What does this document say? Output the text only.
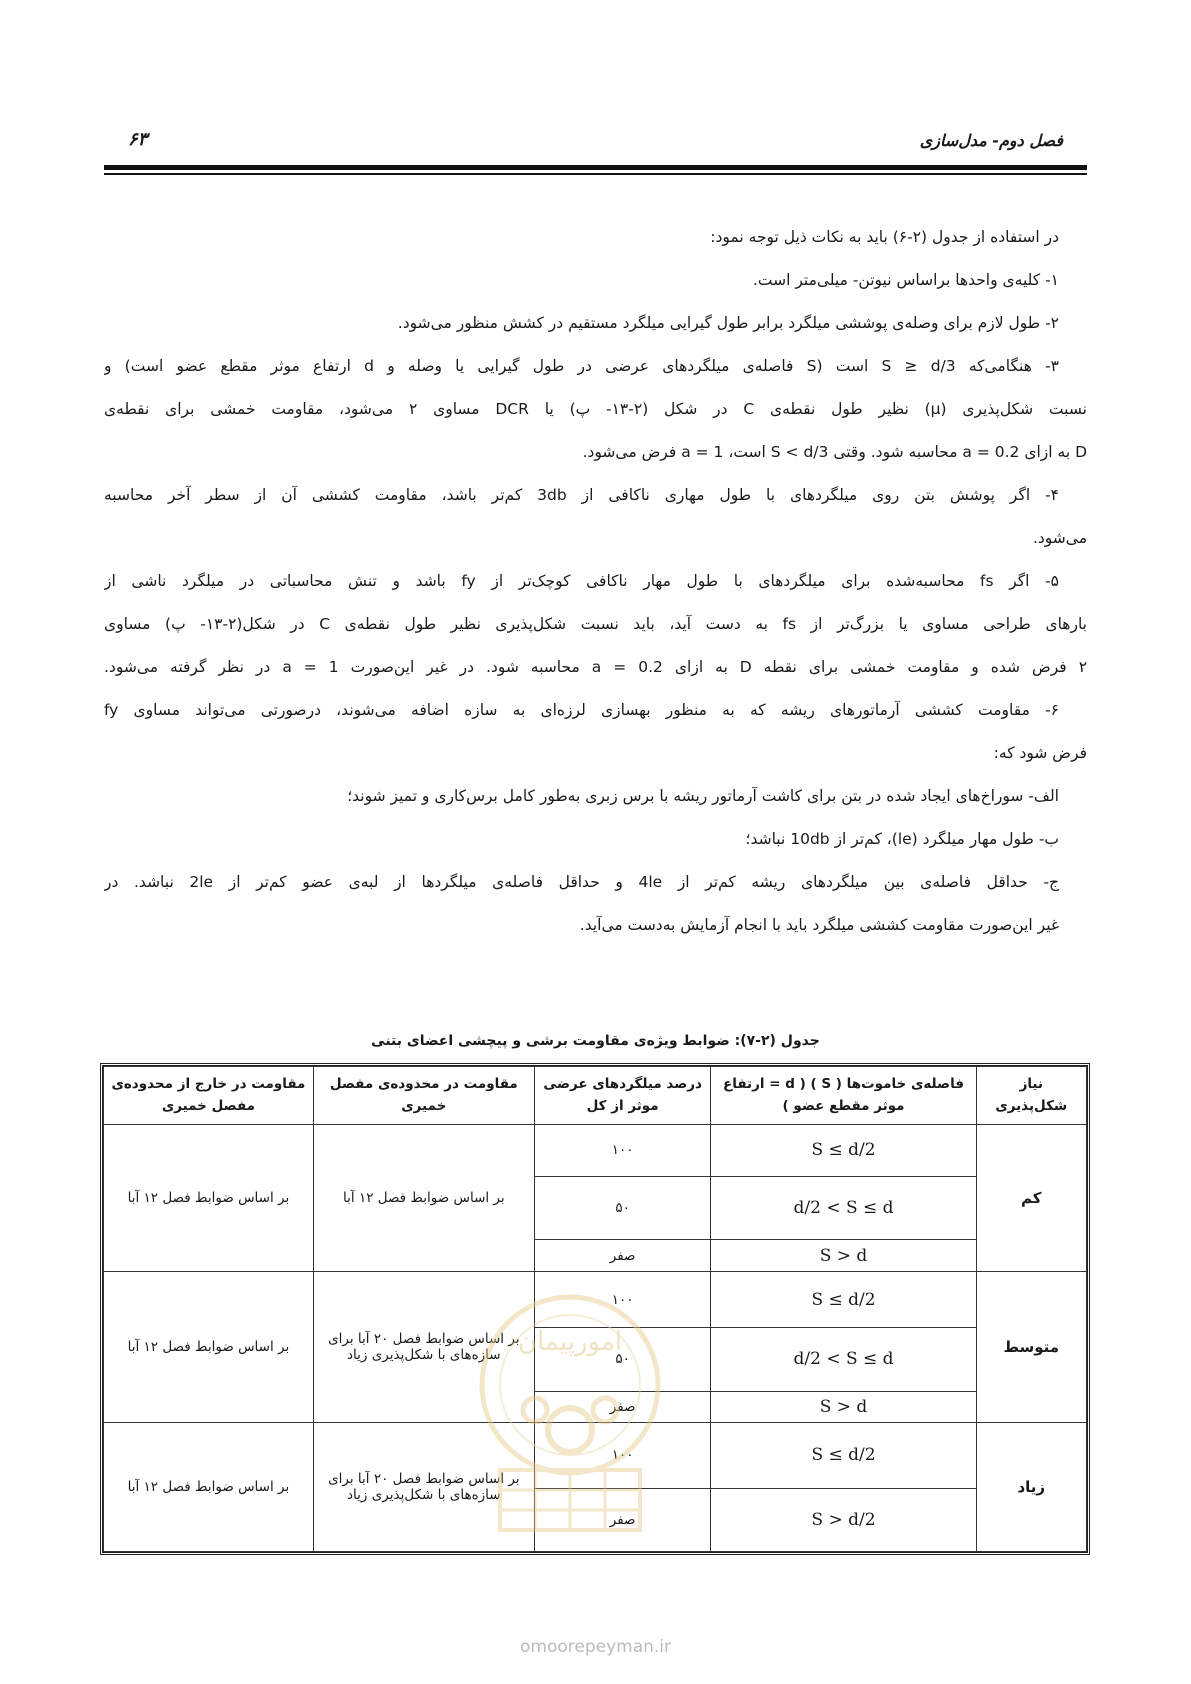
فصل دوم- مدل‌سازی
۶۳
در استفاده از جدول (۲-۶) باید به نکات ذیل توجه نمود:
۱- کلیه‌ی واحدها براساس نیوتن- میلی‌متر است.
۲- طول لازم برای وصله‌ی پوششی میلگرد برابر طول گیرایی میلگرد مستقیم در کشش منظور می‌شود.
۳- هنگامی‌که S ≥ d/3 است (S فاصله‌ی میلگردهای عرضی در طول گیرایی یا وصله و d ارتفاع موثر مقطع عضو است) و
نسبت شکل‌پذیری (μ) نظیر طول نقطه‌ی C در شکل (۲-۱۳- پ) یا DCR مساوی ۲ می‌شود، مقاومت خمشی برای نقطه‌ی
D به ازای a = 0.2 محاسبه شود. وقتی S < d/3 است، a = 1 فرض می‌شود.
۴- اگر پوشش بتن روی میلگردهای با طول مهاری ناکافی از 3db کم‌تر باشد، مقاومت کششی آن از سطر آخر محاسبه
می‌شود.
۵- اگر fs محاسبه‌شده برای میلگردهای با طول مهار ناکافی کوچک‌تر از fy باشد و تنش محاسباتی در میلگرد ناشی از
بارهای طراحی مساوی یا بزرگ‌تر از fs به دست آید، باید نسبت شکل‌پذیری نظیر طول نقطه‌ی C در شکل(۲-۱۳- پ) مساوی
۲ فرض شده و مقاومت خمشی برای نقطه D به ازای a = 0.2 محاسبه شود. در غیر این‌صورت a = 1 در نظر گرفته می‌شود.
۶- مقاومت کششی آرماتورهای ریشه که به منظور بهسازی لرزه‌ای به سازه اضافه می‌شوند، درصورتی می‌تواند مساوی fy
فرض شود که:
الف- سوراخ‌های ایجاد شده در بتن برای کاشت آرماتور ریشه با برس زبری به‌طور کامل برس‌کاری و تمیز شوند؛
ب- طول مهار میلگرد (le)، کم‌تر از 10db نباشد؛
ج- حداقل فاصله‌ی بین میلگردهای ریشه کم‌تر از 4le و حداقل فاصله‌ی میلگردها از لبه‌ی عضو کم‌تر از 2le نباشد. در
غیر این‌صورت مقاومت کششی میلگرد باید با انجام آزمایش به‌دست می‌آید.
جدول (۲-۷): ضوابط ویژه‌ی مقاومت برشی و پیچشی اعضای بتنی
نیاز شکل‌پذیری	فاصله‌ی خاموت‌ها ( S ) ( d = ارتفاع موثر مقطع عضو )	درصد میلگردهای عرضی موثر از کل	مقاومت در محدوده‌ی مفصل خمیری	مقاومت در خارج از محدوده‌ی مفصل خمیری
کم	S ≤ d/2	۱۰۰	بر اساس ضوابط فصل ۱۲ آبا	بر اساس ضوابط فصل ۱۲ آبا
	d/2 < S ≤ d	۵۰		
	S > d	صفر		
متوسط	S ≤ d/2	۱۰۰	بر اساس ضوابط فصل ۲۰ آبا برای سازه‌های با شکل‌پذیری زیاد	بر اساس ضوابط فصل ۱۲ آبا
	d/2 < S ≤ d	۵۰		
	S > d	صفر		
زیاد	S ≤ d/2	۱۰۰	بر اساس ضوابط فصل ۲۰ آبا برای سازه‌های با شکل‌پذیری زیاد	بر اساس ضوابط فصل ۱۲ آبا
	S > d/2	صفر		
امورپیمان
omoorepeyman.ir
